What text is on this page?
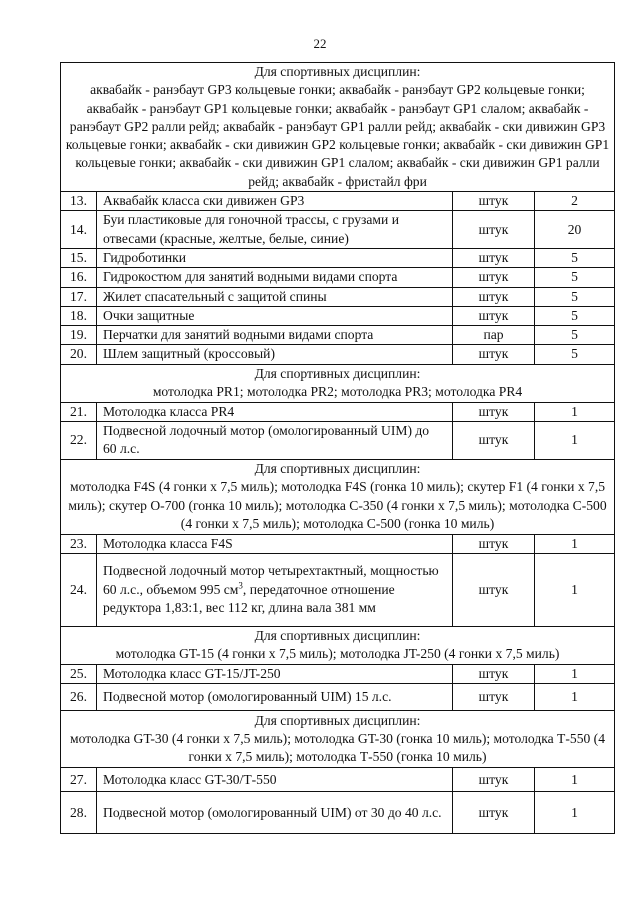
22
Для спортивных дисциплин:
аквабайк - ранэбаут GP3 кольцевые гонки; аквабайк - ранэбаут GP2 кольцевые гонки; аквабайк - ранэбаут GP1 кольцевые гонки; аквабайк - ранэбаут GP1 слалом; аквабайк - ранэбаут GP2 ралли рейд; аквабайк - ранэбаут GP1 ралли рейд; аквабайк - ски дивижин GP3 кольцевые гонки; аквабайк - ски дивижин GP2 кольцевые гонки; аквабайк - ски дивижин GP1 кольцевые гонки; аквабайк - ски дивижин GP1 слалом; аквабайк - ски дивижин GP1 ралли рейд; аквабайк - фристайл фри			

13.	Аквабайк класса ски дивижен GP3	штук	2
14.	Буи пластиковые для гоночной трассы, с грузами и отвесами (красные, желтые, белые, синие)	штук	20
15.	Гидроботинки	штук	5
16.	Гидрокостюм для занятий водными видами спорта	штук	5
17.	Жилет спасательный с защитой спины	штук	5
18.	Очки защитные	штук	5
19.	Перчатки для занятий водными видами спорта	пар	5
20.	Шлем защитный (кроссовый)	штук	5

Для спортивных дисциплин:
мотолодка PR1; мотолодка PR2; мотолодка PR3; мотолодка PR4			

21.	Мотолодка класса PR4	штук	1
22.	Подвесной лодочный мотор (омологированный UIM) до 60 л.с.	штук	1

Для спортивных дисциплин:
мотолодка F4S (4 гонки х 7,5 миль); мотолодка F4S (гонка 10 миль); скутер F1 (4 гонки х 7,5 миль); скутер О-700 (гонка 10 миль); мотолодка С-350 (4 гонки х 7,5 миль); мотолодка С-500 (4 гонки х 7,5 миль); мотолодка С-500 (гонка 10 миль)			

23.	Мотолодка класса F4S	штук	1
24.	Подвесной лодочный мотор четырехтактный, мощностью 60 л.с., объемом 995 $см^3$, передаточное отношение редуктора 1,83:1, вес 112 кг, длина вала 381 мм	штук	1

Для спортивных дисциплин:
мотолодка GT-15 (4 гонки х 7,5 миль); мотолодка JT-250 (4 гонки х 7,5 миль)			

25.	Мотолодка класс GT-15/JT-250	штук	1
26.	Подвесной мотор (омологированный UIM) 15 л.с.	штук	1

Для спортивных дисциплин:
мотолодка GT-30 (4 гонки х 7,5 миль); мотолодка GT-30 (гонка 10 миль); мотолодка Т-550 (4 гонки х 7,5 миль); мотолодка Т-550 (гонка 10 миль)			

27.	Мотолодка класс GT-30/Т-550	штук	1
28.	Подвесной мотор (омологированный UIM) от 30 до 40 л.с.	штук	1
